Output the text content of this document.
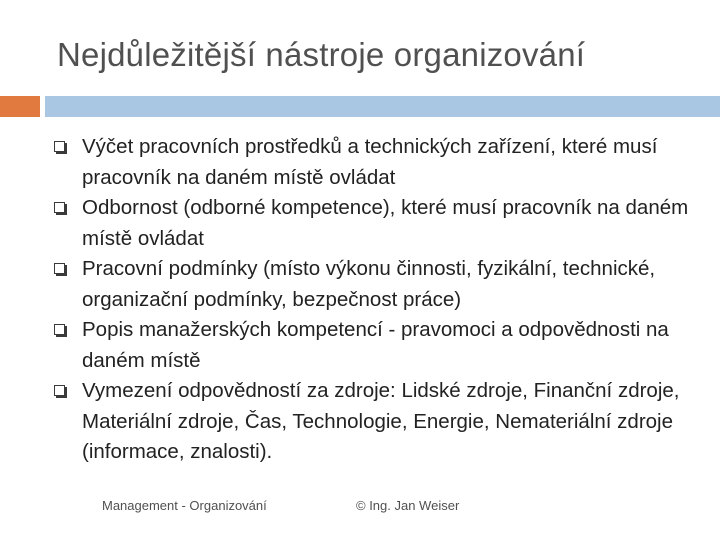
Nejdůležitější nástroje organizování
Výčet pracovních prostředků a technických zařízení, které musí pracovník na daném místě ovládat
Odbornost (odborné kompetence), které musí pracovník na daném místě ovládat
Pracovní podmínky (místo výkonu činnosti, fyzikální, technické, organizační podmínky, bezpečnost práce)
Popis manažerských kompetencí - pravomoci a odpovědnosti na daném místě
Vymezení odpovědností za zdroje: Lidské zdroje, Finanční zdroje, Materiální zdroje, Čas, Technologie, Energie, Nemateriální zdroje (informace, znalosti).
Management - Organizování	© Ing. Jan Weiser
